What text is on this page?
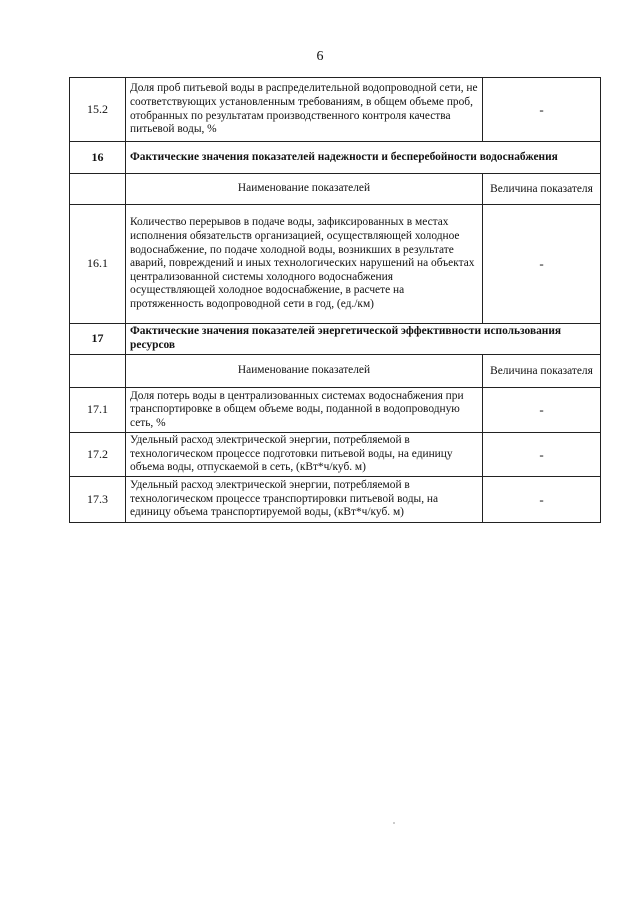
6
15.2	Доля проб питьевой воды в распределительной водопроводной сети, не соответствующих установленным требованиям, в общем объеме проб, отобранных по результатам производственного контроля качества питьевой воды, %	-
16	Фактические значения показателей надежности и бесперебойности водоснабжения	
	Наименование показателей	Величина показателя
16.1	Количество перерывов в подаче воды, зафиксированных в местах исполнения обязательств организацией, осуществляющей холодное водоснабжение, по подаче холодной воды, возникших в результате аварий, повреждений и иных технологических нарушений на объектах централизованной системы холодного водоснабжения осуществляющей холодное водоснабжение, в расчете на протяженность водопроводной сети в год, (ед./км)	-
17	Фактические значения показателей энергетической эффективности использования ресурсов	
	Наименование показателей	Величина показателя
17.1	Доля потерь воды в централизованных системах водоснабжения при транспортировке в общем объеме воды, поданной в водопроводную сеть, %	-
17.2	Удельный расход электрической энергии, потребляемой в технологическом процессе подготовки питьевой воды, на единицу объема воды, отпускаемой в сеть, (кВт*ч/куб. м)	-
17.3	Удельный расход электрической энергии, потребляемой в технологическом процессе транспортировки питьевой воды, на единицу объема транспортируемой воды, (кВт*ч/куб. м)	-
